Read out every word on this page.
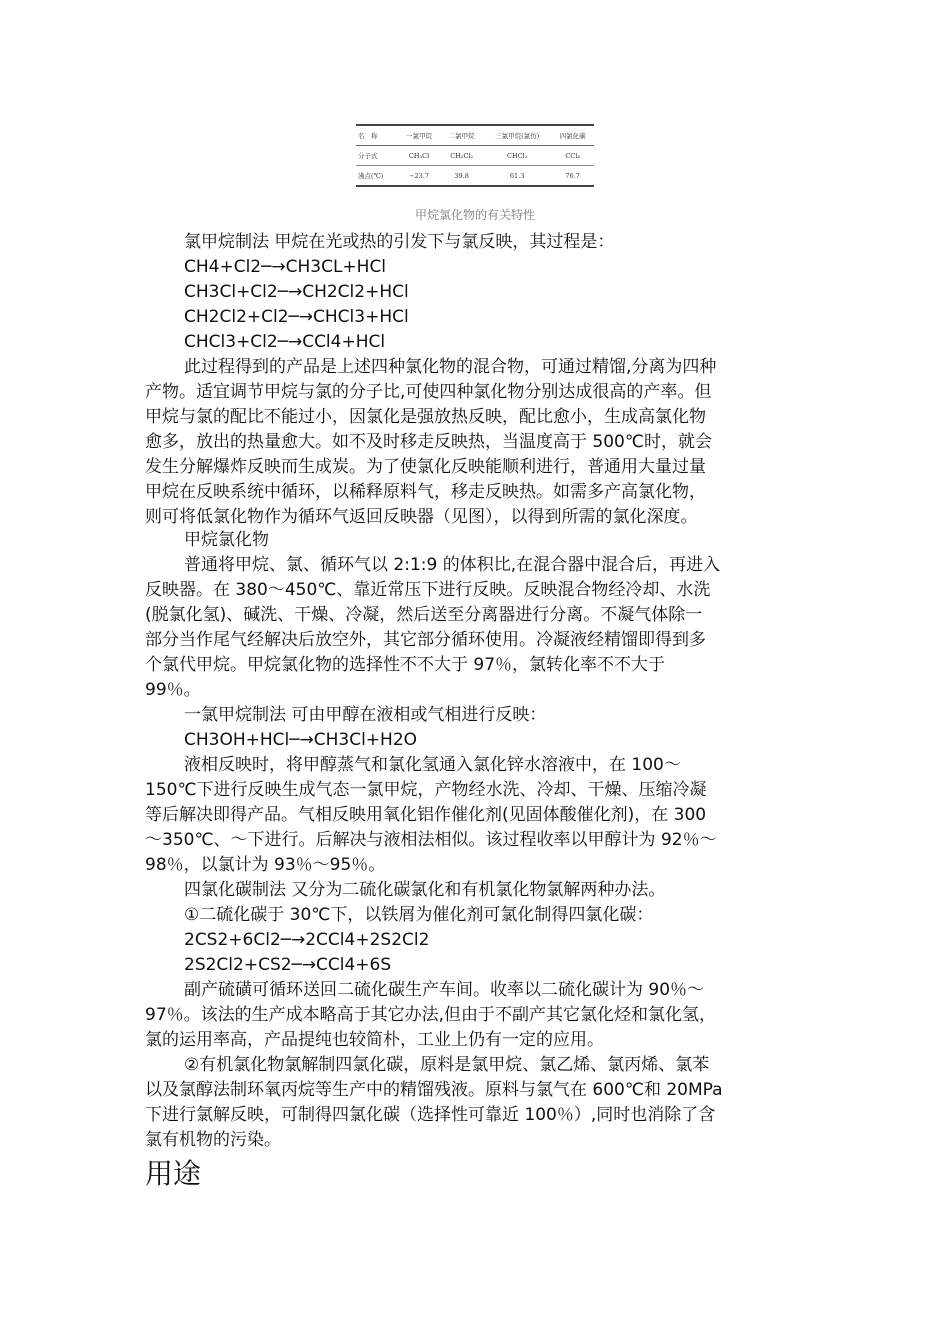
名　称	一氯甲烷	二氯甲烷	三氯甲烷(氯仿)	四氯化碳
分子式	CH₃Cl	CH₂Cl₂	CHCl₃	CCl₄
沸点(℃)	−23.7	39.8	61.3	76.7
甲烷氯化物的有关特性
氯甲烷制法 甲烷在光或热的引发下与氯反映，其过程是：
CH4+Cl2─→CH3CL+HCl
CH3Cl+Cl2─→CH2Cl2+HCl
CH2Cl2+Cl2─→CHCl3+HCl
CHCl3+Cl2─→CCl4+HCl
此过程得到的产品是上述四种氯化物的混合物，可通过精馏,分离为四种
产物。适宜调节甲烷与氯的分子比,可使四种氯化物分别达成很高的产率。但
甲烷与氯的配比不能过小，因氯化是强放热反映，配比愈小，生成高氯化物
愈多，放出的热量愈大。如不及时移走反映热，当温度高于 500℃时，就会
发生分解爆炸反映而生成炭。为了使氯化反映能顺利进行，普通用大量过量
甲烷在反映系统中循环，以稀释原料气，移走反映热。如需多产高氯化物，
则可将低氯化物作为循环气返回反映器（见图），以得到所需的氯化深度。
甲烷氯化物
普通将甲烷、氯、循环气以 2:1:9 的体积比,在混合器中混合后，再进入
反映器。在 380～450℃、靠近常压下进行反映。反映混合物经冷却、水洗
(脱氯化氢)、碱洗、干燥、冷凝，然后送至分离器进行分离。不凝气体除一
部分当作尾气经解决后放空外，其它部分循环使用。冷凝液经精馏即得到多
个氯代甲烷。甲烷氯化物的选择性不不大于 97％，氯转化率不不大于
99％。
一氯甲烷制法 可由甲醇在液相或气相进行反映：
CH3OH+HCl─→CH3Cl+H2O
液相反映时，将甲醇蒸气和氯化氢通入氯化锌水溶液中，在 100～
150℃下进行反映生成气态一氯甲烷，产物经水洗、冷却、干燥、压缩冷凝
等后解决即得产品。气相反映用氧化铝作催化剂(见固体酸催化剂)，在 300
～350℃、～下进行。后解决与液相法相似。该过程收率以甲醇计为 92％～
98％，以氯计为 93％～95％。
四氯化碳制法 又分为二硫化碳氯化和有机氯化物氯解两种办法。
①二硫化碳于 30℃下，以铁屑为催化剂可氯化制得四氯化碳：
2CS2+6Cl2─→2CCl4+2S2Cl2
2S2Cl2+CS2─→CCl4+6S
副产硫磺可循环送回二硫化碳生产车间。收率以二硫化碳计为 90％～
97％。该法的生产成本略高于其它办法,但由于不副产其它氯化烃和氯化氢，
氯的运用率高，产品提纯也较简朴，工业上仍有一定的应用。
②有机氯化物氯解制四氯化碳，原料是氯甲烷、氯乙烯、氯丙烯、氯苯
以及氯醇法制环氧丙烷等生产中的精馏残液。原料与氯气在 600℃和 20MPa
下进行氯解反映，可制得四氯化碳（选择性可靠近 100％）,同时也消除了含
氯有机物的污染。
用途
